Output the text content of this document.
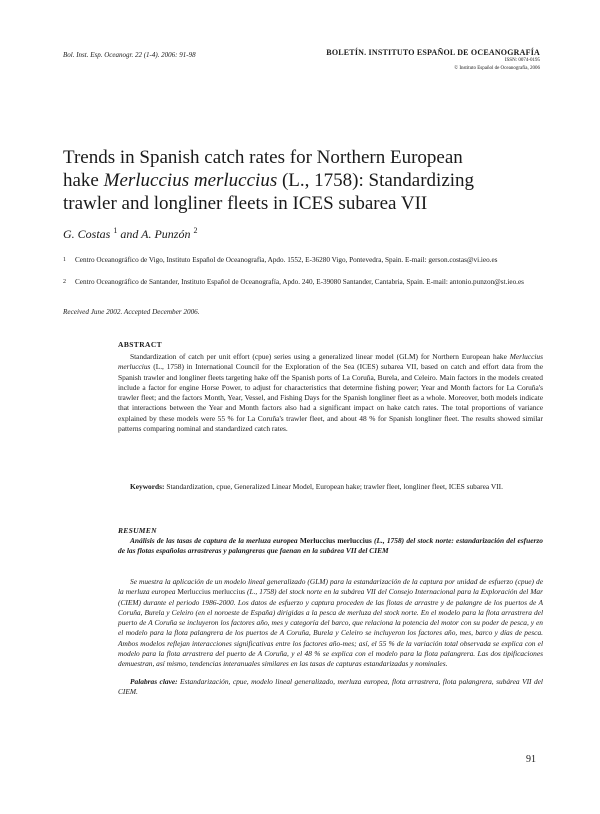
Bol. Inst. Esp. Oceanogr. 22 (1-4). 2006: 91-98	BOLETÍN. INSTITUTO ESPAÑOL DE OCEANOGRAFÍA
ISSN: 0074-0195
© Instituto Español de Oceanografía, 2006
Trends in Spanish catch rates for Northern European
hake Merluccius merluccius (L., 1758): Standardizing
trawler and longliner fleets in ICES subarea VII
G. Costas $^1$ and A. Punzón $^2$
1 Centro Oceanográfico de Vigo, Instituto Español de Oceanografía, Apdo. 1552, E-36280 Vigo, Pontevedra, Spain. E-mail: gerson.costas@vi.ieo.es
2 Centro Oceanográfico de Santander, Instituto Español de Oceanografía, Apdo. 240, E-39080 Santander, Cantabria, Spain. E-mail: antonio.punzon@st.ieo.es
Received June 2002. Accepted December 2006.
ABSTRACT
Standardization of catch per unit effort (cpue) series using a generalized linear model (GLM) for Northern European hake Merluccius merluccius (L., 1758) in International Council for the Exploration of the Sea (ICES) subarea VII, based on catch and effort data from the Spanish trawler and longliner fleets targeting hake off the Spanish ports of La Coruña, Burela, and Celeiro. Main factors in the models created include a factor for engine Horse Power, to adjust for characteristics that determine fishing power; Year and Month factors for La Coruña's trawler fleet; and the factors Month, Year, Vessel, and Fishing Days for the Spanish longliner fleet as a whole. Moreover, both models indicate that interactions between the Year and Month factors also had a significant impact on hake catch rates. The total proportions of variance explained by these models were 55 % for La Coruña's trawler fleet, and about 48 % for Spanish longliner fleet. The results showed similar patterns comparing nominal and standardized catch rates.
Keywords: Standardization, cpue, Generalized Linear Model, European hake; trawler fleet, longliner fleet, ICES subarea VII.
RESUMEN
Análisis de las tasas de captura de la merluza europea Merluccius merluccius (L., 1758) del stock norte: estandarización del esfuerzo de las flotas españolas arrastreras y palangreras que faenan en la subárea VII del CIEM
Se muestra la aplicación de un modelo lineal generalizado (GLM) para la estandarización de la captura por unidad de esfuerzo (cpue) de la merluza europea Merluccius merluccius (L., 1758) del stock norte en la subárea VII del Consejo Internacional para la Exploración del Mar (CIEM) durante el periodo 1986-2000. Los datos de esfuerzo y captura proceden de las flotas de arrastre y de palangre de los puertos de A Coruña, Burela y Celeiro (en el noroeste de España) dirigidas a la pesca de merluza del stock norte. En el modelo para la flota arrastrera del puerto de A Coruña se incluyeron los factores año, mes y categoría del barco, que relaciona la potencia del motor con su poder de pesca, y en el modelo para la flota palangrera de los puertos de A Coruña, Burela y Celeiro se incluyeron los factores año, mes, barco y días de pesca. Ambos modelos reflejan interacciones significativas entre los factores año-mes; así, el 55 % de la variación total observada se explica con el modelo para la flota arrastrera del puerto de A Coruña, y el 48 % se explica con el modelo para la flota palangrera. Las dos tipificaciones demuestran, así mismo, tendencias interanuales similares en las tasas de capturas estandarizadas y nominales.
Palabras clave: Estandarización, cpue, modelo lineal generalizado, merluza europea, flota arrastrera, flota palangrera, subárea VII del CIEM.
91
